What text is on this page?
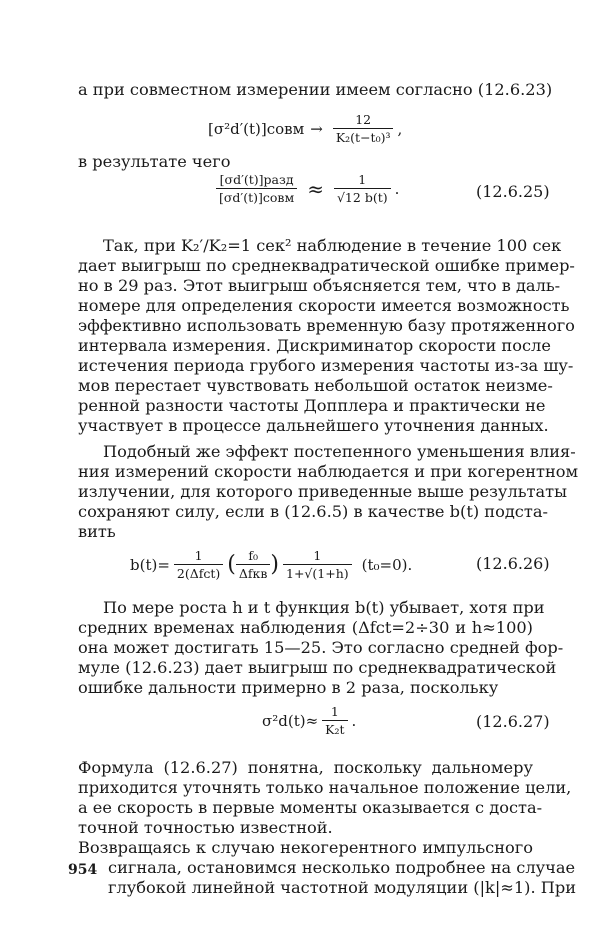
а при совместном измерении имеем согласно (12.6.23)
[σ²d′(t)]совм → $\frac{12}{\text{K₂(t−t₀)³}}$ ,
в результате чего
$\frac{\text{[σd′(t)]разд}}{\text{[σd′(t)]совм}} \approx \frac{1}{√12 b(t)}$ .	(12.6.25)
Так, при K₂′/K₂=1 сек² наблюдение в течение 100 сек
дает выигрыш по среднеквадратической ошибке пример-
но в 29 раз. Этот выигрыш объясняется тем, что в даль-
номере для определения скорости имеется возможность
эффективно использовать временную базу протяженного
интервала измерения. Дискриминатор скорости после
истечения периода грубого измерения частоты из-за шу-
мов перестает чувствовать небольшой остаток неизме-
ренной разности частоты Допплера и практически не
участвует в процессе дальнейшего уточнения данных.
Подобный же эффект постепенного уменьшения влия-
ния измерений скорости наблюдается и при когерентном
излучении, для которого приведенные выше результаты
сохраняют силу, если в (12.6.5) в качестве b(t) подста-
вить
$b(t)= \frac{1}{\text{2(Δfᴄt)}}$ ( $\frac{\text{f₀}}{\text{Δfкв}}$ ) $\frac{1}{1+√(1+h)} (t_0=0)$.	(12.6.26)
По мере роста h и t функция b(t) убывает, хотя при
средних временах наблюдения (Δfᴄt=2÷30 и h≈100)
она может достигать 15—25. Это согласно средней фор-
муле (12.6.23) дает выигрыш по среднеквадратической
ошибке дальности примерно в 2 раза, поскольку
$\sigma^2d(t)\approx \frac{1}{\text{K₂t}}$ .	(12.6.27)
Формула (12.6.27) понятна, поскольку дальномеру
приходится уточнять только начальное положение цели,
а ее скорость в первые моменты оказывается с доста-
точной точностью известной.
Возвращаясь к случаю некогерентного импульсного
сигнала, остановимся несколько подробнее на случае
глубокой линейной частотной модуляции (|k|≈1). При
954
